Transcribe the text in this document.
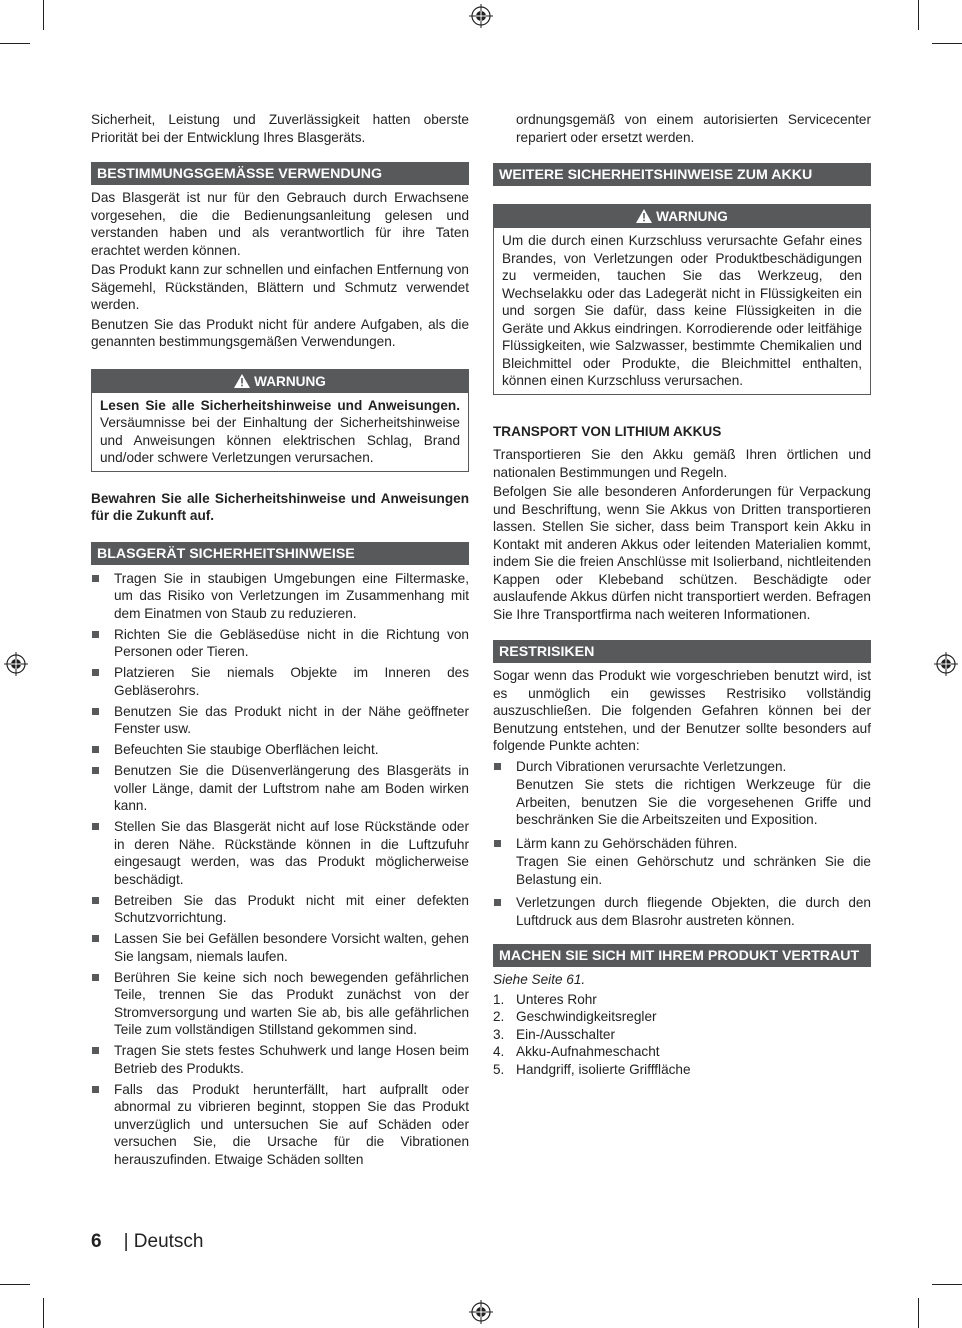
Sicherheit, Leistung und Zuverlässigkeit hatten oberste Priorität bei der Entwicklung Ihres Blasgeräts.

BESTIMMUNGSGEMÄSSE VERWENDUNG

Das Blasgerät ist nur für den Gebrauch durch Erwachsene vorgesehen, die die Bedienungsanleitung gelesen und verstanden haben und als verantwortlich für ihre Taten erachtet werden können.

Das Produkt kann zur schnellen und einfachen Entfernung von Sägemehl, Rückständen, Blättern und Schmutz verwendet werden.

Benutzen Sie das Produkt nicht für andere Aufgaben, als die genannten bestimmungsgemäßen Verwendungen.

WARNUNG
Lesen Sie alle Sicherheitshinweise und Anweisungen. Versäumnisse bei der Einhaltung der Sicherheitshinweise und Anweisungen können elektrischen Schlag, Brand und/oder schwere Verletzungen verursachen.

Bewahren Sie alle Sicherheitshinweise und Anweisungen für die Zukunft auf.

BLASGERÄT SICHERHEITSHINWEISE
Tragen Sie in staubigen Umgebungen eine Filtermaske, um das Risiko von Verletzungen im Zusammenhang mit dem Einatmen von Staub zu reduzieren.
Richten Sie die Gebläsedüse nicht in die Richtung von Personen oder Tieren.
Platzieren Sie niemals Objekte im Inneren des Gebläserohrs.
Benutzen Sie das Produkt nicht in der Nähe geöffneter Fenster usw.
Befeuchten Sie staubige Oberflächen leicht.
Benutzen Sie die Düsenverlängerung des Blasgeräts in voller Länge, damit der Luftstrom nahe am Boden wirken kann.
Stellen Sie das Blasgerät nicht auf lose Rückstände oder in deren Nähe. Rückstände können in die Luftzufuhr eingesaugt werden, was das Produkt möglicherweise beschädigt.
Betreiben Sie das Produkt nicht mit einer defekten Schutzvorrichtung.
Lassen Sie bei Gefällen besondere Vorsicht walten, gehen Sie langsam, niemals laufen.
Berühren Sie keine sich noch bewegenden gefährlichen Teile, trennen Sie das Produkt zunächst von der Stromversorgung und warten Sie ab, bis alle gefährlichen Teile zum vollständigen Stillstand gekommen sind.
Tragen Sie stets festes Schuhwerk und lange Hosen beim Betrieb des Produkts.
Falls das Produkt herunterfällt, hart aufprallt oder abnormal zu vibrieren beginnt, stoppen Sie das Produkt unverzüglich und untersuchen Sie auf Schäden oder versuchen Sie, die Ursache für die Vibrationen herauszufinden. Etwaige Schäden sollten

ordnungsgemäß von einem autorisierten Servicecenter repariert oder ersetzt werden.

WEITERE SICHERHEITSHINWEISE ZUM AKKU
WARNUNG
Um die durch einen Kurzschluss verursachte Gefahr eines Brandes, von Verletzungen oder Produktbeschädigungen zu vermeiden, tauchen Sie das Werkzeug, den Wechselakku oder das Ladegerät nicht in Flüssigkeiten ein und sorgen Sie dafür, dass keine Flüssigkeiten in die Geräte und Akkus eindringen. Korrodierende oder leitfähige Flüssigkeiten, wie Salzwasser, bestimmte Chemikalien und Bleichmittel oder Produkte, die Bleichmittel enthalten, können einen Kurzschluss verursachen.

TRANSPORT VON LITHIUM AKKUS

Transportieren Sie den Akku gemäß Ihren örtlichen und nationalen Bestimmungen und Regeln.

Befolgen Sie alle besonderen Anforderungen für Verpackung und Beschriftung, wenn Sie Akkus von Dritten transportieren lassen. Stellen Sie sicher, dass beim Transport kein Akku in Kontakt mit anderen Akkus oder leitenden Materialien kommt, indem Sie die freien Anschlüsse mit Isolierband, nichtleitenden Kappen oder Klebeband schützen. Beschädigte oder auslaufende Akkus dürfen nicht transportiert werden. Befragen Sie Ihre Transportfirma nach weiteren Informationen.

RESTRISIKEN

Sogar wenn das Produkt wie vorgeschrieben benutzt wird, ist es unmöglich ein gewisses Restrisiko vollständig auszuschließen. Die folgenden Gefahren können bei der Benutzung entstehen, und der Benutzer sollte besonders auf folgende Punkte achten:

Durch Vibrationen verursachte Verletzungen.
Benutzen Sie stets die richtigen Werkzeuge für die Arbeiten, benutzen Sie die vorgesehenen Griffe und beschränken Sie die Arbeitszeiten und Exposition.
Lärm kann zu Gehörschäden führen.
Tragen Sie einen Gehörschutz und schränken Sie die Belastung ein.
Verletzungen durch fliegende Objekten, die durch den Luftdruck aus dem Blasrohr austreten können.
MACHEN SIE SICH MIT IHREM PRODUKT VERTRAUT

Siehe Seite 61.

1. Unteres Rohr
2. Geschwindigkeitsregler
3. Ein-/Ausschalter
4. Akku-Aufnahmeschacht
5. Handgriff, isolierte Grifffläche
6 | Deutsch
